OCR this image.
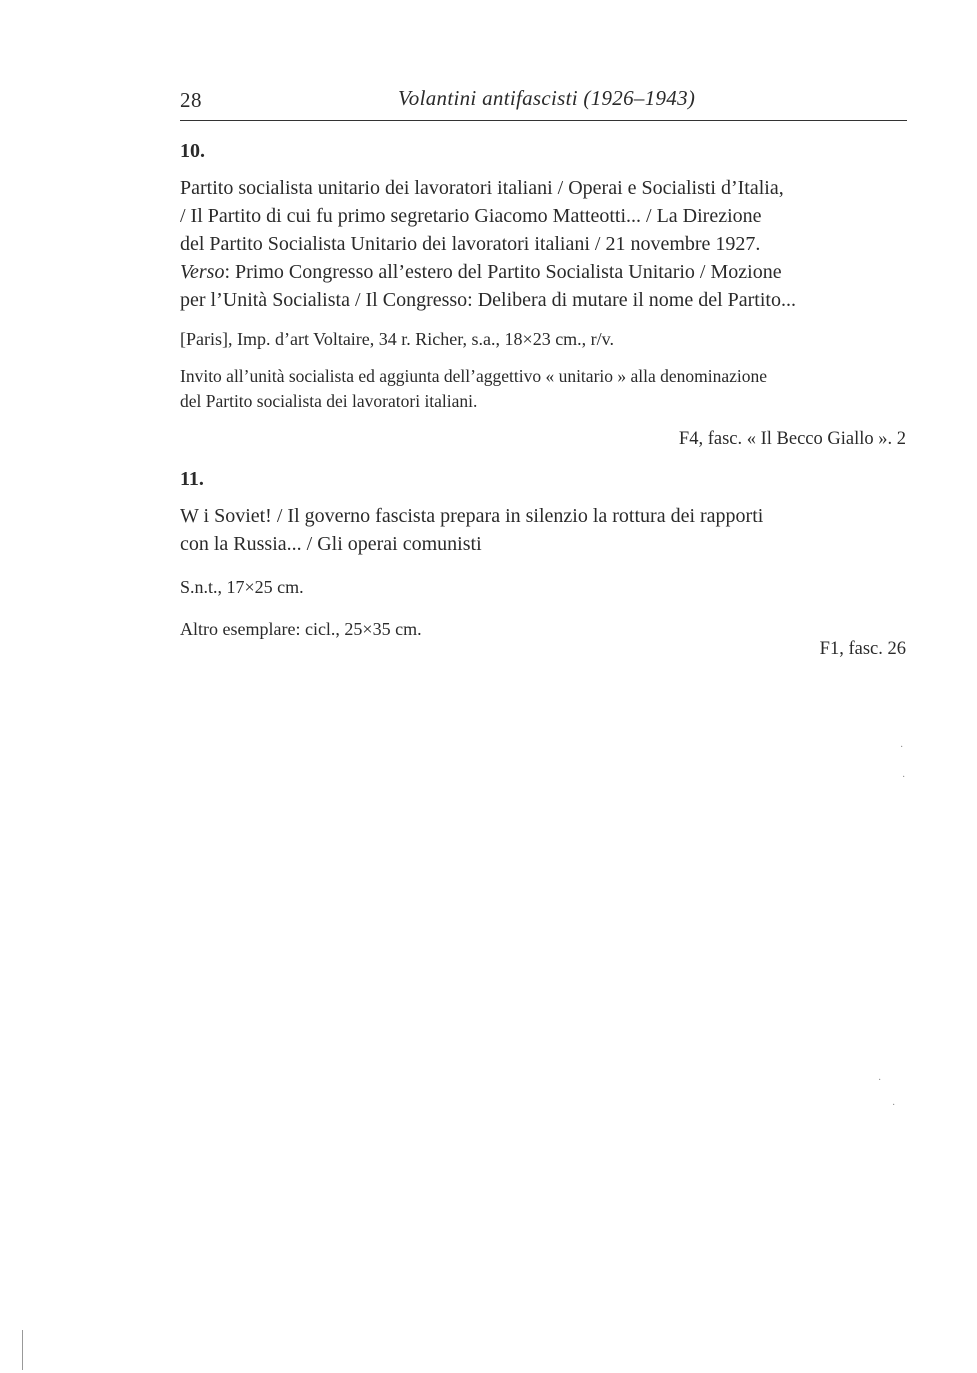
28	Volantini antifascisti (1926–1943)
10.
Partito socialista unitario dei lavoratori italiani / Operai e Socialisti d’Italia,
/ Il Partito di cui fu primo segretario Giacomo Matteotti... / La Direzione
del Partito Socialista Unitario dei lavoratori italiani / 21 novembre 1927.
Verso: Primo Congresso all’estero del Partito Socialista Unitario / Mozione
per l’Unità Socialista / Il Congresso: Delibera di mutare il nome del Partito...
[Paris], Imp. d’art Voltaire, 34 r. Richer, s.a., 18×23 cm., r/v.
Invito all’unità socialista ed aggiunta dell’aggettivo « unitario » alla denominazione
del Partito socialista dei lavoratori italiani.
F4, fasc. « Il Becco Giallo ». 2
11.
W i Soviet! / Il governo fascista prepara in silenzio la rottura dei rapporti
con la Russia... / Gli operai comunisti
S.n.t., 17×25 cm.
Altro esemplare: cicl., 25×35 cm.
F1, fasc. 26
·
·
·
·
